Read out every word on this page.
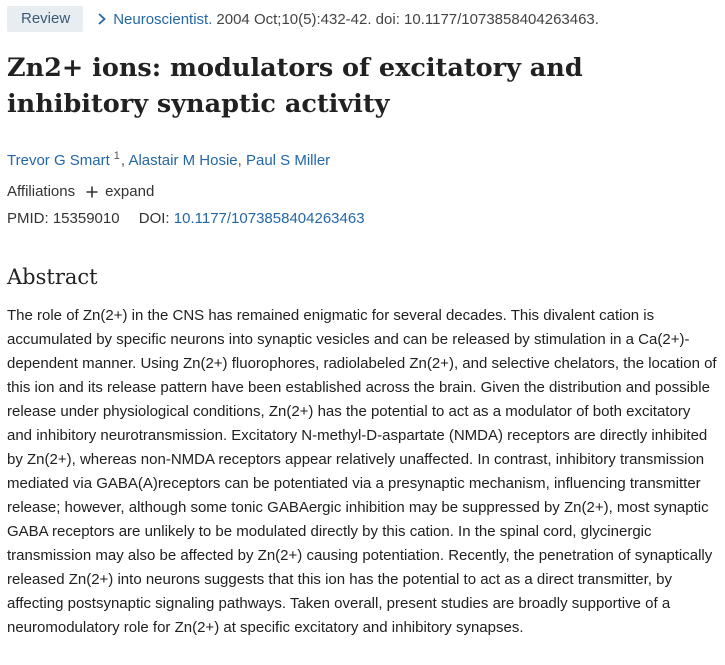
Review	Neuroscientist. 2004 Oct;10(5):432-42. doi: 10.1177/1073858404263463.
Zn2+ ions: modulators of excitatory and inhibitory synaptic activity
Trevor G Smart $^1$, Alastair M Hosie, Paul S Miller
Affiliations expand
PMID: 15359010 DOI: 10.1177/1073858404263463
Abstract

The role of Zn(2+) in the CNS has remained enigmatic for several decades. This divalent cation is accumulated by specific neurons into synaptic vesicles and can be released by stimulation in a Ca(2+)-dependent manner. Using Zn(2+) fluorophores, radiolabeled Zn(2+), and selective chelators, the location of this ion and its release pattern have been established across the brain. Given the distribution and possible release under physiological conditions, Zn(2+) has the potential to act as a modulator of both excitatory and inhibitory neurotransmission. Excitatory N-methyl-D-aspartate (NMDA) receptors are directly inhibited by Zn(2+), whereas non-NMDA receptors appear relatively unaffected. In contrast, inhibitory transmission mediated via GABA(A)receptors can be potentiated via a presynaptic mechanism, influencing transmitter release; however, although some tonic GABAergic inhibition may be suppressed by Zn(2+), most synaptic GABA receptors are unlikely to be modulated directly by this cation. In the spinal cord, glycinergic transmission may also be affected by Zn(2+) causing potentiation. Recently, the penetration of synaptically released Zn(2+) into neurons suggests that this ion has the potential to act as a direct transmitter, by affecting postsynaptic signaling pathways. Taken overall, present studies are broadly supportive of a neuromodulatory role for Zn(2+) at specific excitatory and inhibitory synapses.
